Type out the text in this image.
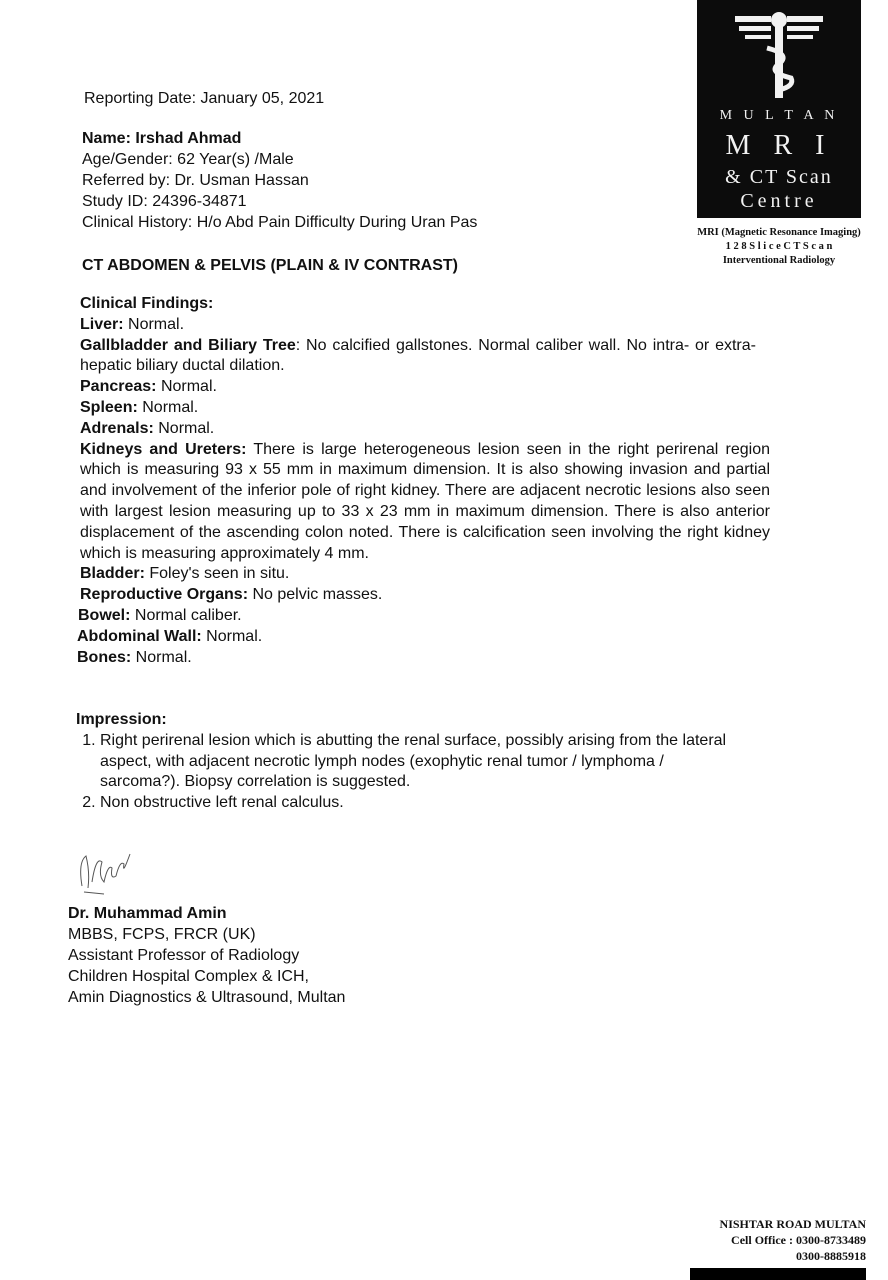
M U L T A N
M R I
& CT Scan
Centre
MRI (Magnetic Resonance Imaging)
1 2 8 S l i c e C T S c a n
Interventional Radiology
Reporting Date: January 05, 2021
Name: Irshad Ahmad
Age/Gender: 62 Year(s) /Male
Referred by: Dr. Usman Hassan
Study ID: 24396-34871
Clinical History: H/o Abd Pain Difficulty During Uran Pas
CT ABDOMEN & PELVIS (PLAIN & IV CONTRAST)

Clinical Findings:

Liver: Normal.

Gallbladder and Biliary Tree: No calcified gallstones. Normal caliber wall. No intra- or extra-hepatic biliary ductal dilation.

Pancreas: Normal.

Spleen: Normal.

Adrenals: Normal.

Kidneys and Ureters: There is large heterogeneous lesion seen in the right perirenal region which is measuring 93 x 55 mm in maximum dimension. It is also showing invasion and partial and involvement of the inferior pole of right kidney. There are adjacent necrotic lesions also seen with largest lesion measuring up to 33 x 23 mm in maximum dimension. There is also anterior displacement of the ascending colon noted. There is calcification seen involving the right kidney which is measuring approximately 4 mm.

Bladder: Foley's seen in situ.

Reproductive Organs: No pelvic masses.

Bowel: Normal caliber.

Abdominal Wall: Normal.

Bones: Normal.

Impression:
1. Right perirenal lesion which is abutting the renal surface, possibly arising from the lateral aspect, with adjacent necrotic lymph nodes (exophytic renal tumor / lymphoma / sarcoma?). Biopsy correlation is suggested.
2. Non obstructive left renal calculus.
Dr. Muhammad Amin
MBBS, FCPS, FRCR (UK)
Assistant Professor of Radiology
Children Hospital Complex & ICH,
Amin Diagnostics & Ultrasound, Multan
NISHTAR ROAD MULTAN
Cell Office : 0300-8733489
0300-8885918
